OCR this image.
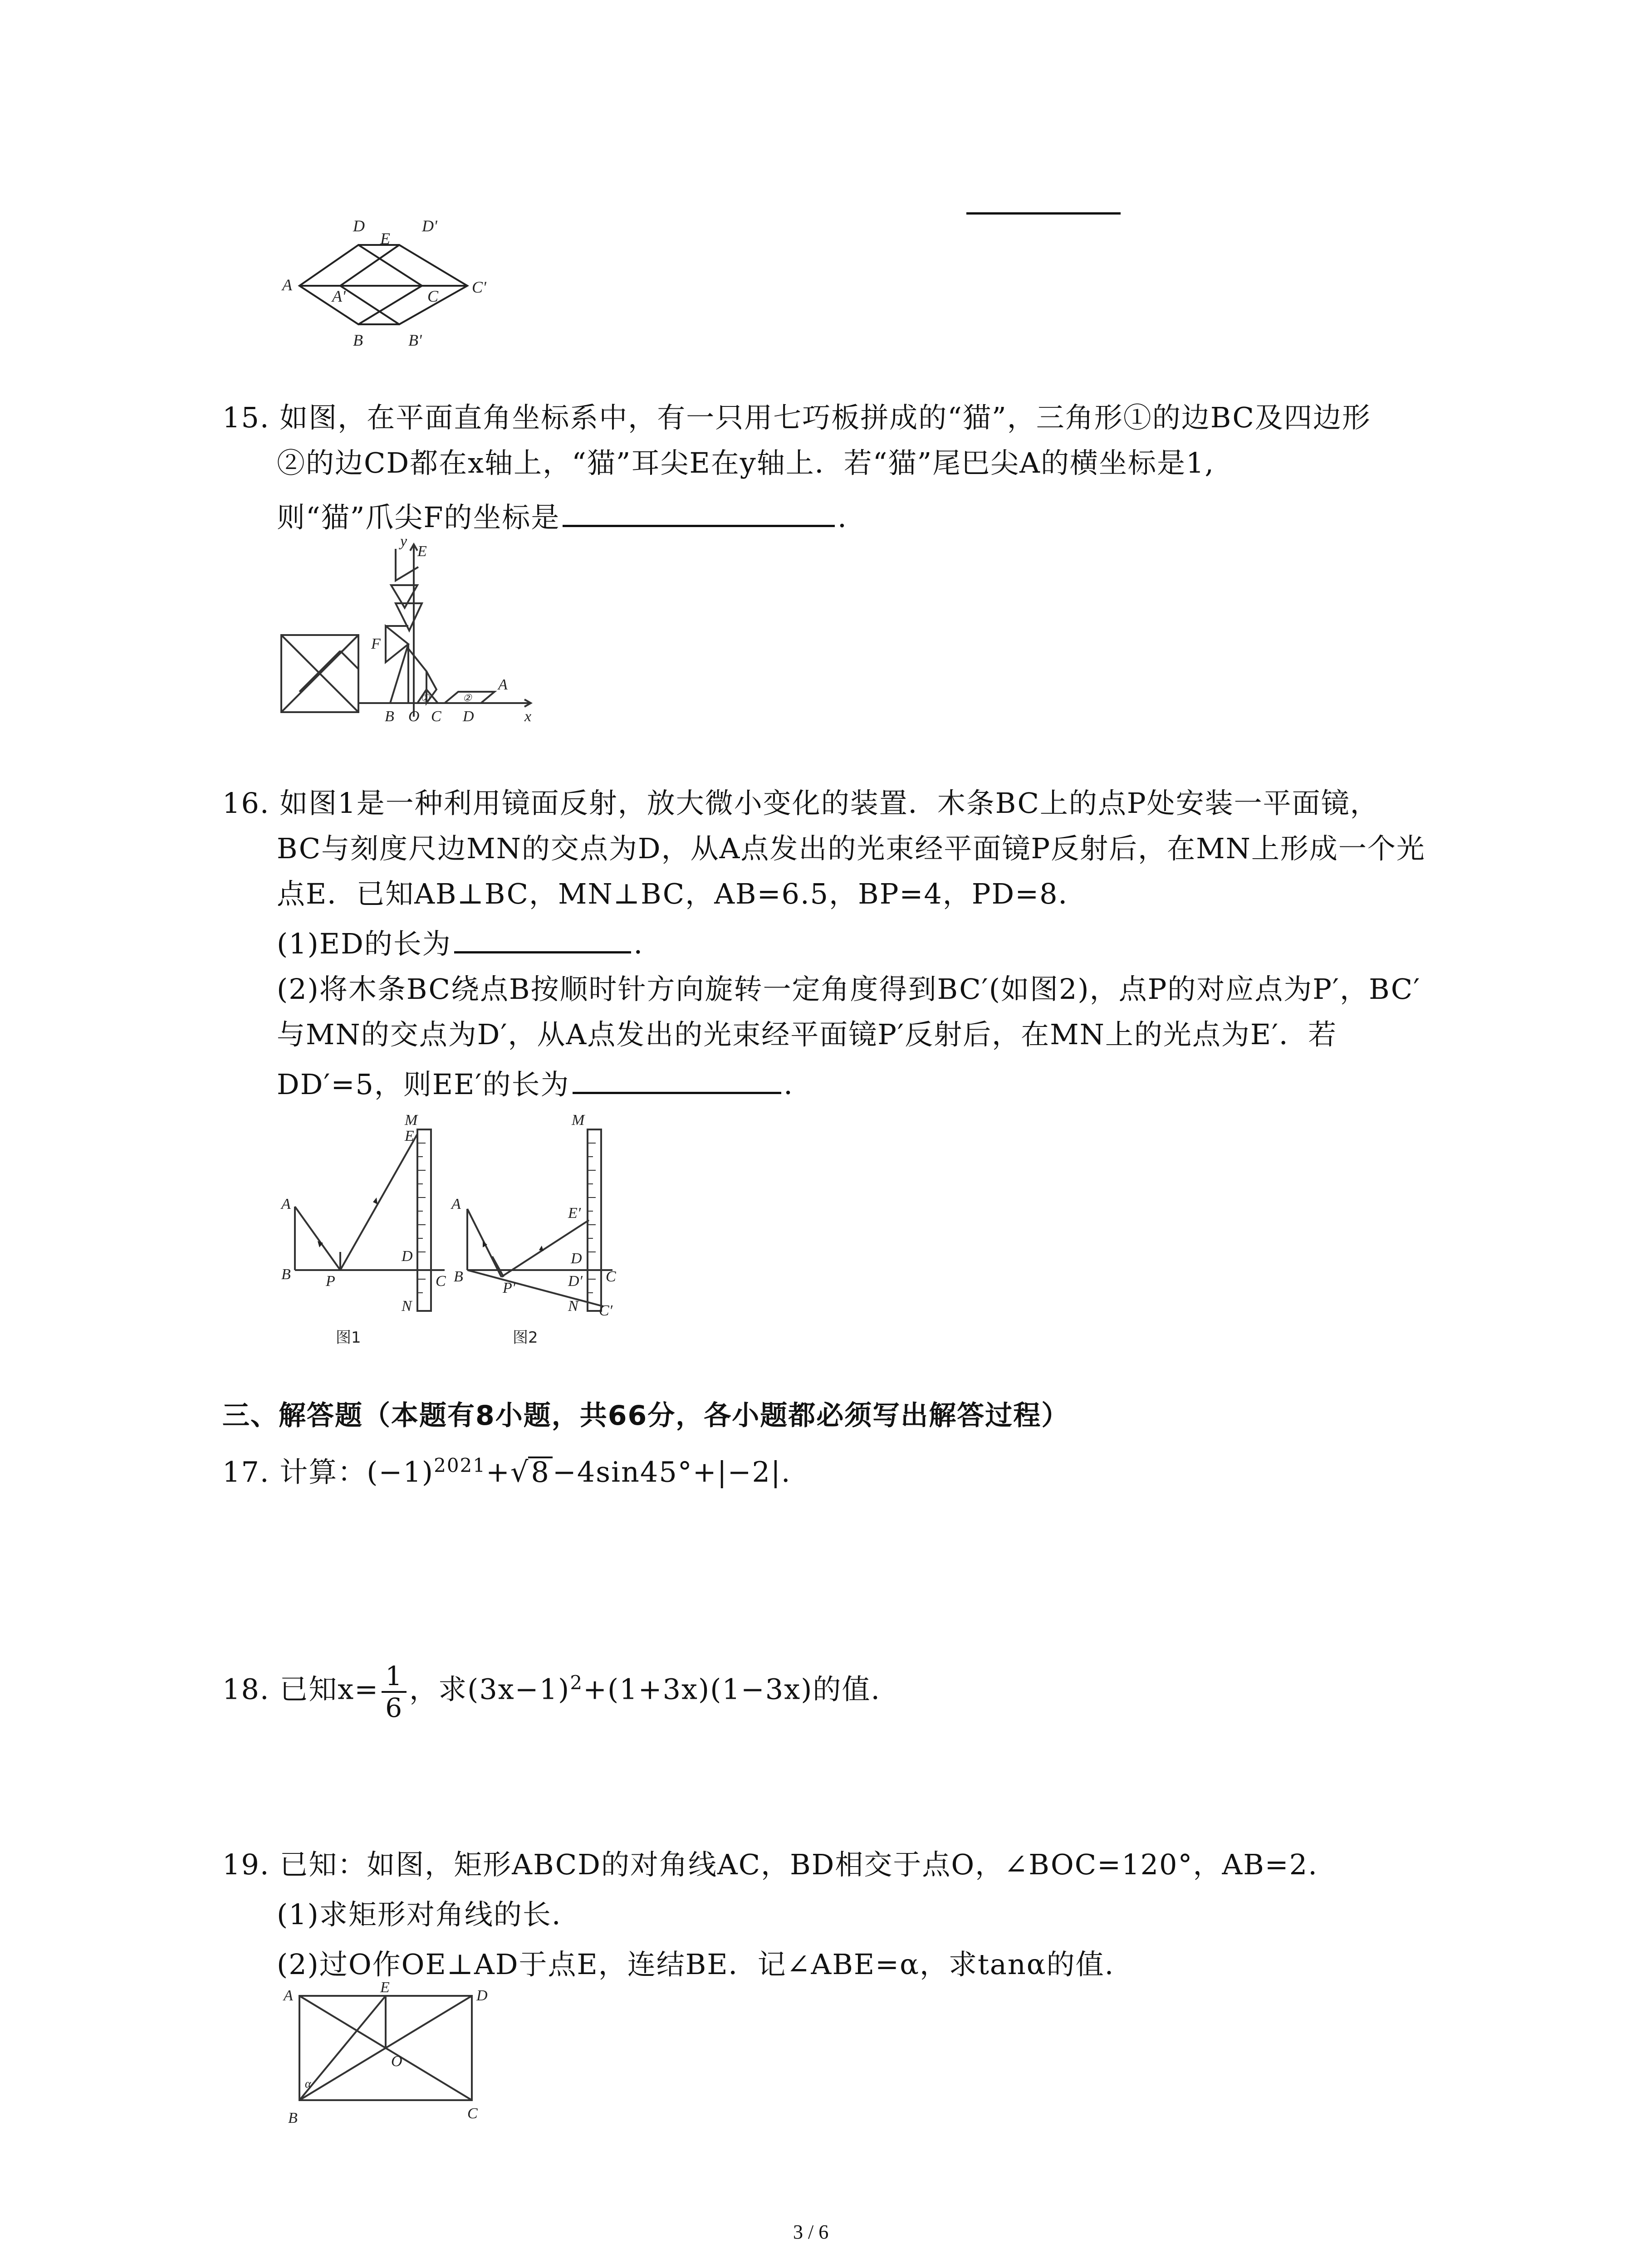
D
E
D'
A
A'	C C'
B	B'
15. 如图，在平面直角坐标系中，有一只用七巧板拼成的“猫”，三角形①的边BC及四边形
②的边CD都在x轴上，“猫”耳尖E在y轴上．若“猫”尾巴尖A的横坐标是1,
则“猫”爪尖F的坐标是	．
y
E
F
A
B O C D	x
①	②
16. 如图1是一种利用镜面反射，放大微小变化的装置．木条BC上的点P处安装一平面镜，
BC与刻度尺边MN的交点为D，从A点发出的光束经平面镜P反射后，在MN上形成一个光
点E．已知AB⊥BC，MN⊥BC，AB=6.5，BP=4，PD=8．
(1)ED的长为	．
(2)将木条BC绕点B按顺时针方向旋转一定角度得到BC′(如图2)，点P的对应点为P′，BC′
与MN的交点为D′，从A点发出的光束经平面镜P′反射后，在MN上的光点为E′．若
DD′=5，则EE′的长为	．
M
E
A
B P
D
C
N
图1
M
A
E′
D
B	D′ C
P′
N C′
图2
三、解答题（本题有8小题，共66分，各小题都必须写出解答过程）
17. 计算：$(-1)^{2021}+√8-4\sin 45^\circ+|-2|$.
18. 已知$x= \frac{1}{6}$ ，求$(3x-1)^2+(1+3x)(1-3x)$的值.
19. 已知：如图，矩形ABCD的对角线AC，BD相交于点O，∠BOC=120°，AB=2.
(1)求矩形对角线的长.
(2)过O作OE⊥AD于点E，连结BE．记∠ABE=α，求tanα的值.
A	E	D
O
α
B	C
3 / 6
